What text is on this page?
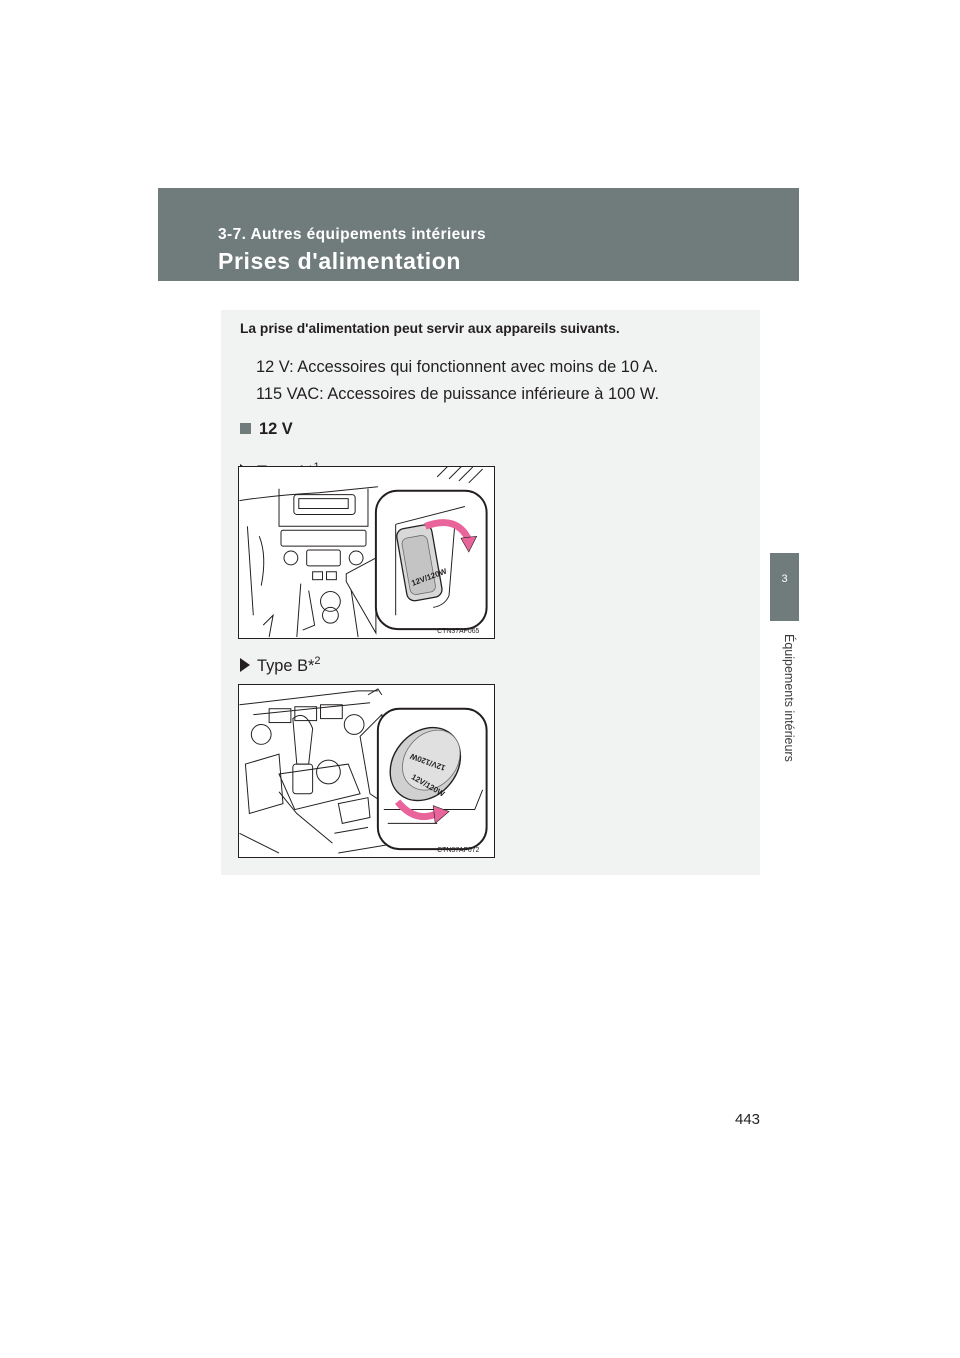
3-7. Autres équipements intérieurs
Prises d'alimentation
3
Équipements intérieurs
La prise d'alimentation peut servir aux appareils suivants.
12 V: Accessoires qui fonctionnent avec moins de 10 A.
115 VAC: Accessoires de puissance inférieure à 100 W.
12 V
12V/120W
CTN37AF065
Type B*$^2$
12V/120W
12V/120W
CTN37AF072
443
